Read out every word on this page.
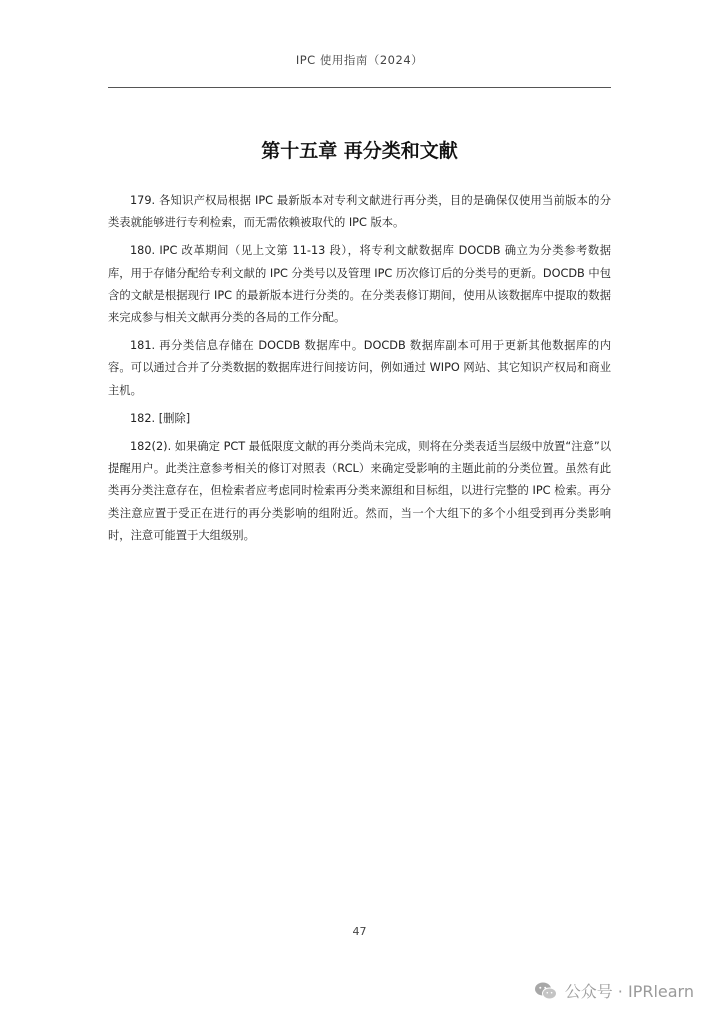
IPC 使用指南（2024）
第十五章 再分类和文献

179. 各知识产权局根据 IPC 最新版本对专利文献进行再分类，目的是确保仅使用当前版本的分类表就能够进行专利检索，而无需依赖被取代的 IPC 版本。

180. IPC 改革期间（见上文第 11-13 段），将专利文献数据库 DOCDB 确立为分类参考数据库，用于存储分配给专利文献的 IPC 分类号以及管理 IPC 历次修订后的分类号的更新。DOCDB 中包含的文献是根据现行 IPC 的最新版本进行分类的。在分类表修订期间，使用从该数据库中提取的数据来完成参与相关文献再分类的各局的工作分配。

181. 再分类信息存储在 DOCDB 数据库中。DOCDB 数据库副本可用于更新其他数据库的内容。可以通过合并了分类数据的数据库进行间接访问，例如通过 WIPO 网站、其它知识产权局和商业主机。

182. [删除]

182(2). 如果确定 PCT 最低限度文献的再分类尚未完成，则将在分类表适当层级中放置“注意”以提醒用户。此类注意参考相关的修订对照表（RCL）来确定受影响的主题此前的分类位置。虽然有此类再分类注意存在，但检索者应考虑同时检索再分类来源组和目标组，以进行完整的 IPC 检索。再分类注意应置于受正在进行的再分类影响的组附近。然而，当一个大组下的多个小组受到再分类影响时，注意可能置于大组级别。

47
公众号 · IPRlearn
